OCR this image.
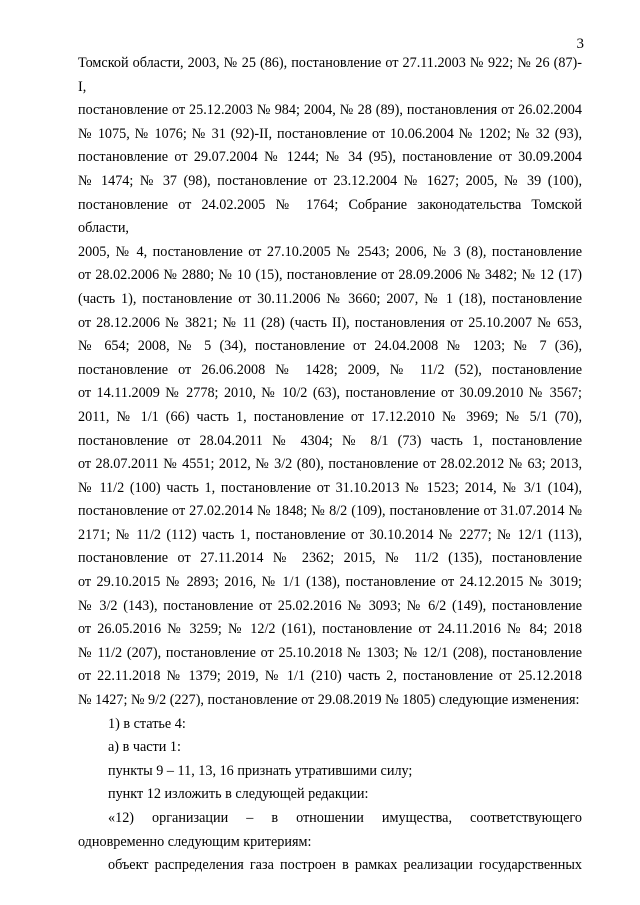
3
Томской области, 2003, № 25 (86), постановление от 27.11.2003 № 922; № 26 (87)-I,
постановление от 25.12.2003 № 984; 2004, № 28 (89), постановления от 26.02.2004
№ 1075, № 1076; № 31 (92)-II, постановление от 10.06.2004 № 1202; № 32 (93),
постановление от 29.07.2004 № 1244; № 34 (95), постановление от 30.09.2004
№ 1474; № 37 (98), постановление от 23.12.2004 № 1627; 2005, № 39 (100),
постановление от 24.02.2005 № 1764; Собрание законодательства Томской области,
2005, № 4, постановление от 27.10.2005 № 2543; 2006, № 3 (8), постановление
от 28.02.2006 № 2880; № 10 (15), постановление от 28.09.2006 № 3482; № 12 (17)
(часть 1), постановление от 30.11.2006 № 3660; 2007, № 1 (18), постановление
от 28.12.2006 № 3821; № 11 (28) (часть II), постановления от 25.10.2007 № 653,
№ 654; 2008, № 5 (34), постановление от 24.04.2008 № 1203; № 7 (36),
постановление от 26.06.2008 № 1428; 2009, № 11/2 (52), постановление
от 14.11.2009 № 2778; 2010, № 10/2 (63), постановление от 30.09.2010 № 3567;
2011, № 1/1 (66) часть 1, постановление от 17.12.2010 № 3969; № 5/1 (70),
постановление от 28.04.2011 № 4304; № 8/1 (73) часть 1, постановление
от 28.07.2011 № 4551; 2012, № 3/2 (80), постановление от 28.02.2012 № 63; 2013,
№ 11/2 (100) часть 1, постановление от 31.10.2013 № 1523; 2014, № 3/1 (104),
постановление от 27.02.2014 № 1848; № 8/2 (109), постановление от 31.07.2014 №
2171; № 11/2 (112) часть 1, постановление от 30.10.2014 № 2277; № 12/1 (113),
постановление от 27.11.2014 № 2362; 2015, № 11/2 (135), постановление
от 29.10.2015 № 2893; 2016, № 1/1 (138), постановление от 24.12.2015 № 3019;
№ 3/2 (143), постановление от 25.02.2016 № 3093; № 6/2 (149), постановление
от 26.05.2016 № 3259; № 12/2 (161), постановление от 24.11.2016 № 84; 2018
№ 11/2 (207), постановление от 25.10.2018 № 1303; № 12/1 (208), постановление
от 22.11.2018 № 1379; 2019, № 1/1 (210) часть 2, постановление от 25.12.2018
№ 1427; № 9/2 (227), постановление от 29.08.2019 № 1805) следующие изменения:
1) в статье 4:
а) в части 1:
пункты 9 – 11, 13, 16 признать утратившими силу;
пункт 12 изложить в следующей редакции:
«12) организации – в отношении имущества, соответствующего
одновременно следующим критериям:
объект распределения газа построен в рамках реализации государственных
